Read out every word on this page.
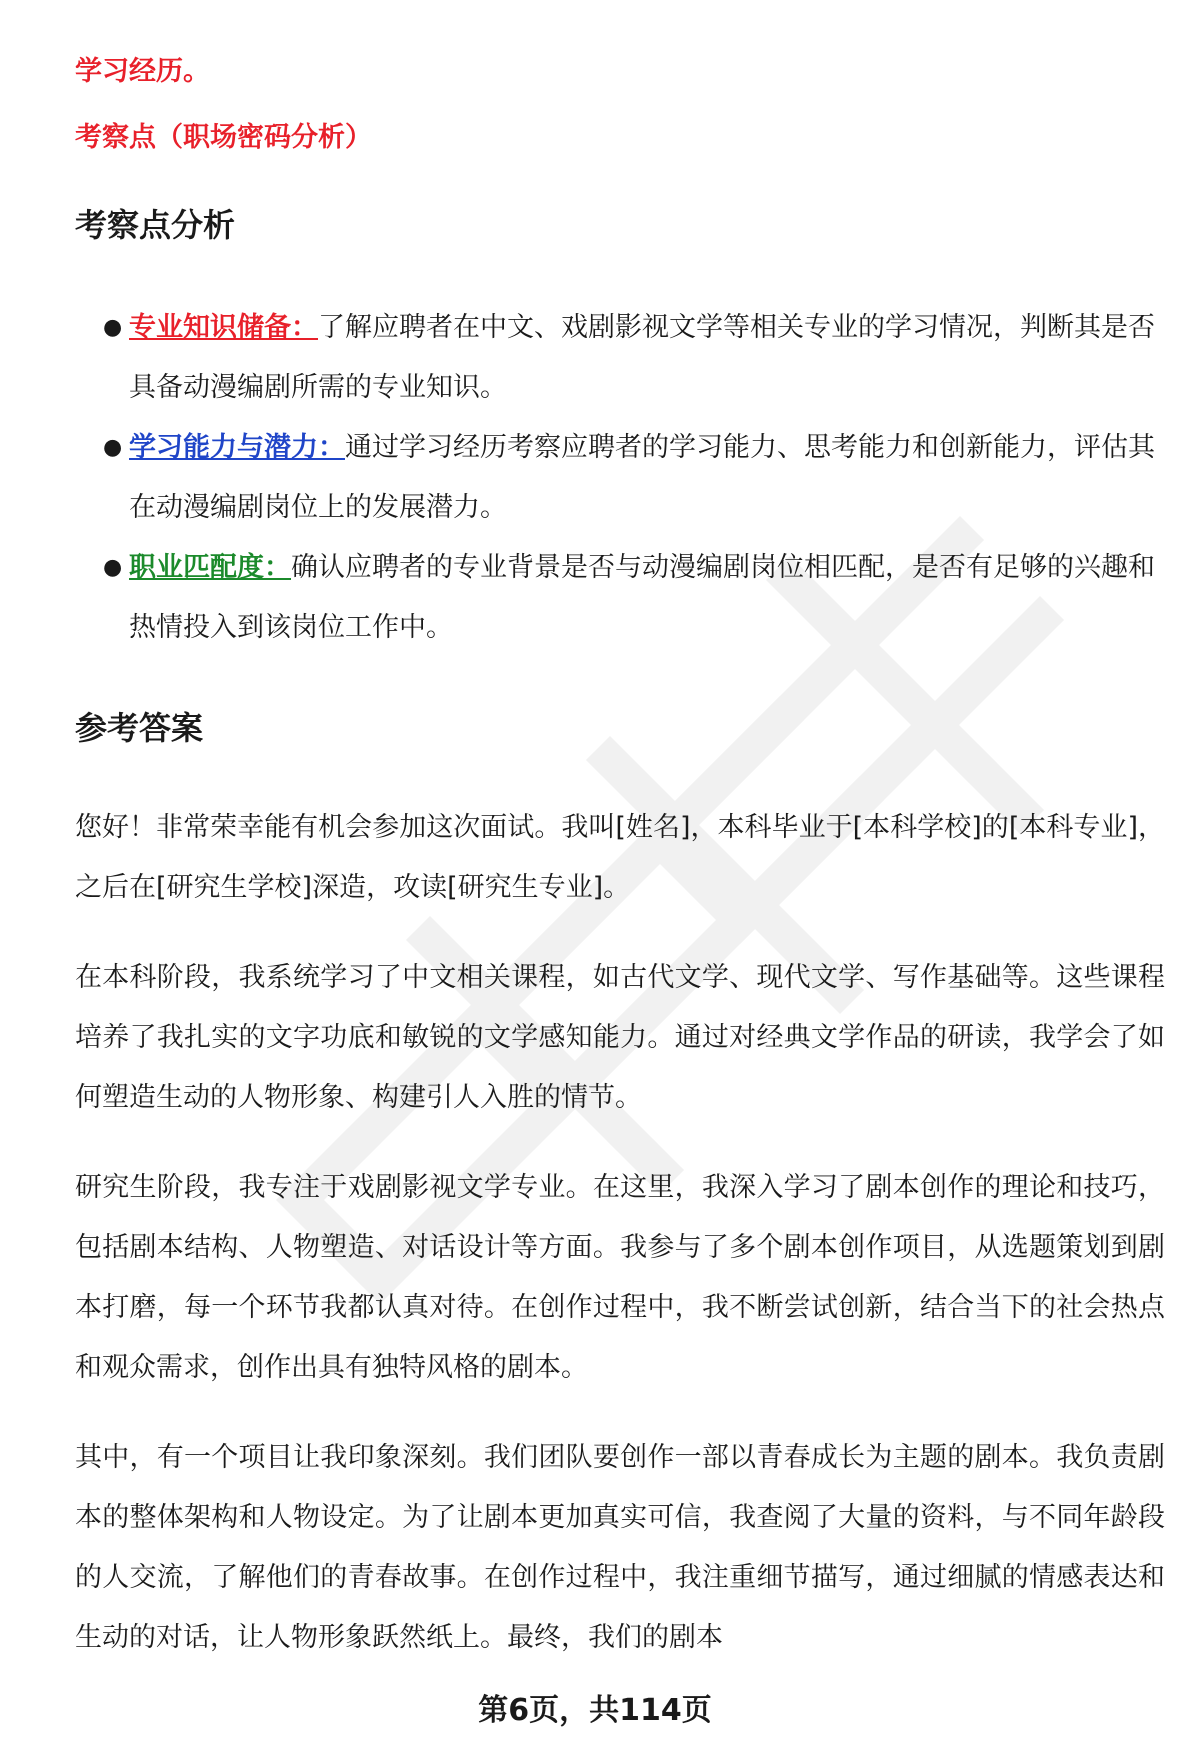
学习经历。

考察点（职场密码分析）

考察点分析
● 专业知识储备：了解应聘者在中文、戏剧影视文学等相关专业的学习情况，判断其是否具备动漫编剧所需的专业知识。
● 学习能力与潜力：通过学习经历考察应聘者的学习能力、思考能力和创新能力，评估其在动漫编剧岗位上的发展潜力。
● 职业匹配度：确认应聘者的专业背景是否与动漫编剧岗位相匹配，是否有足够的兴趣和热情投入到该岗位工作中。
参考答案

您好！非常荣幸能有机会参加这次面试。我叫[姓名]，本科毕业于[本科学校]的[本科专业]，之后在[研究生学校]深造，攻读[研究生专业]。

在本科阶段，我系统学习了中文相关课程，如古代文学、现代文学、写作基础等。这些课程培养了我扎实的文字功底和敏锐的文学感知能力。通过对经典文学作品的研读，我学会了如何塑造生动的人物形象、构建引人入胜的情节。

研究生阶段，我专注于戏剧影视文学专业。在这里，我深入学习了剧本创作的理论和技巧，包括剧本结构、人物塑造、对话设计等方面。我参与了多个剧本创作项目，从选题策划到剧本打磨，每一个环节我都认真对待。在创作过程中，我不断尝试创新，结合当下的社会热点和观众需求，创作出具有独特风格的剧本。

其中，有一个项目让我印象深刻。我们团队要创作一部以青春成长为主题的剧本。我负责剧本的整体架构和人物设定。为了让剧本更加真实可信，我查阅了大量的资料，与不同年龄段的人交流，了解他们的青春故事。在创作过程中，我注重细节描写，通过细腻的情感表达和生动的对话，让人物形象跃然纸上。最终，我们的剧本

第6页，共114页
